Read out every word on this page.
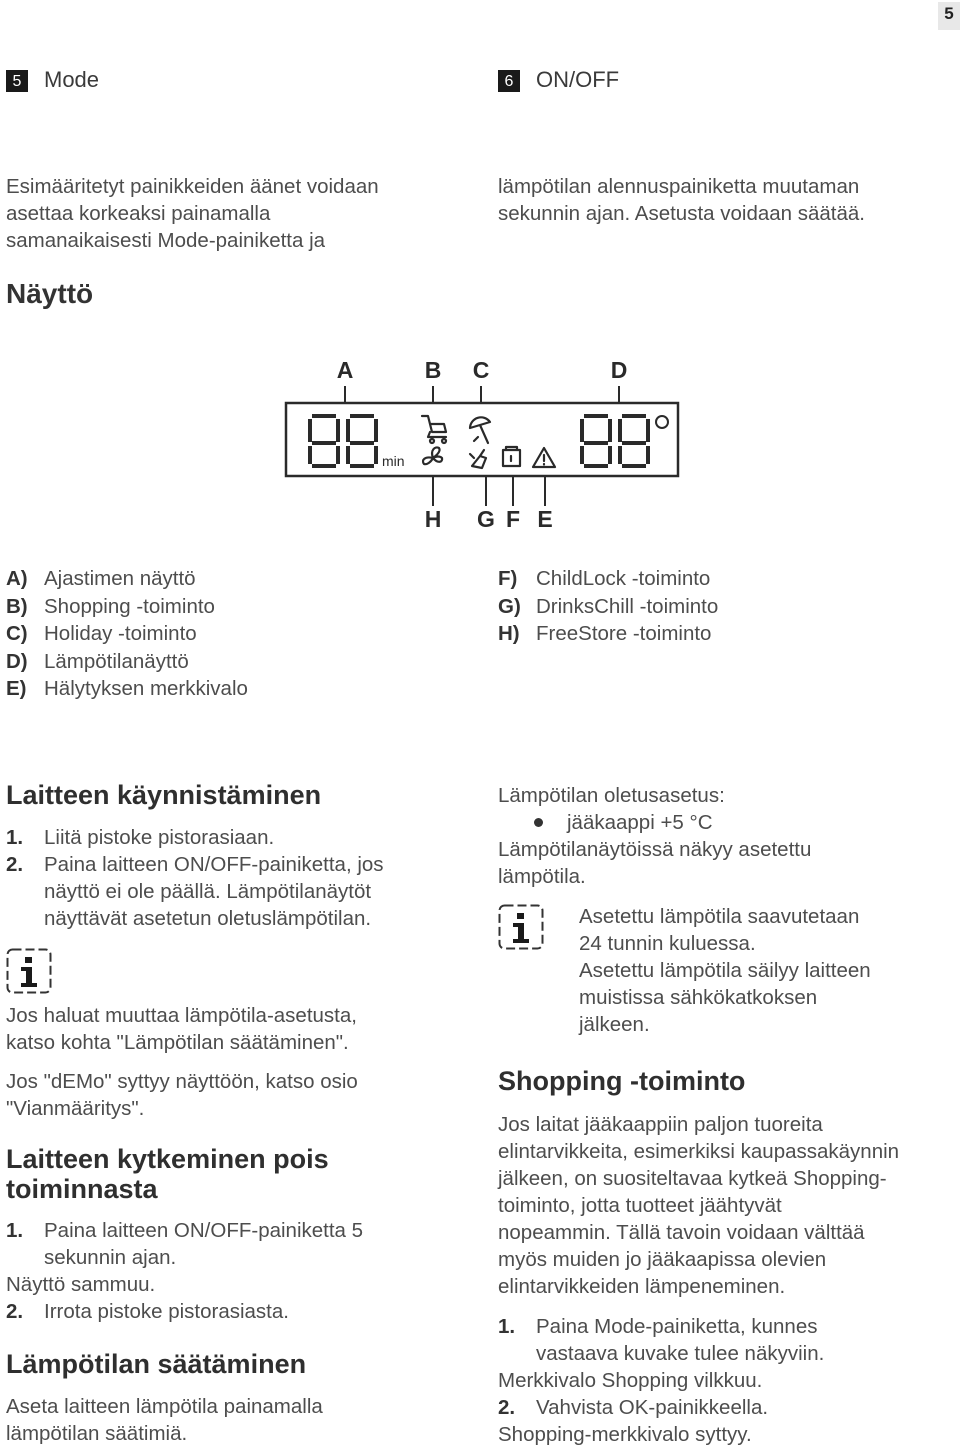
5
5 Mode
Esimääritetyt painikkeiden äänet voidaan
asettaa korkeaksi painamalla
samanaikaisesti Mode-painiketta ja
6 ON/OFF
lämpötilan alennuspainiketta muutaman
sekunnin ajan. Asetusta voidaan säätää.
Näyttö
A	B C	D
H G F E
min
A) Ajastimen näyttö
B) Shopping -toiminto
C) Holiday -toiminto
D) Lämpötilanäyttö
E) Hälytyksen merkkivalo
F) ChildLock -toiminto
G) DrinksChill -toiminto
H) FreeStore -toiminto
Laitteen käynnistäminen
1. Liitä pistoke pistorasiaan.
2. Paina laitteen ON/OFF-painiketta, jos
näyttö ei ole päällä. Lämpötilanäytöt
näyttävät asetetun oletuslämpötilan.
Jos haluat muuttaa lämpötila-asetusta,
katso kohta "Lämpötilan säätäminen".
Jos "dEMo" syttyy näyttöön, katso osio
"Vianmääritys".
Laitteen kytkeminen pois
toiminnasta
1. Paina laitteen ON/OFF-painiketta 5
sekunnin ajan.
Näyttö sammuu.
2. Irrota pistoke pistorasiasta.
Lämpötilan säätäminen
Aseta laitteen lämpötila painamalla
lämpötilan säätimiä.
Lämpötilan oletusasetus:
jääkaappi +5 °C
Lämpötilanäytöissä näkyy asetettu
lämpötila.
Asetettu lämpötila saavutetaan
24 tunnin kuluessa.
Asetettu lämpötila säilyy laitteen
muistissa sähkökatkoksen
jälkeen.
Shopping -toiminto
Jos laitat jääkaappiin paljon tuoreita
elintarvikkeita, esimerkiksi kaupassakäynnin
jälkeen, on suositeltavaa kytkeä Shopping-
toiminto, jotta tuotteet jäähtyvät
nopeammin. Tällä tavoin voidaan välttää
myös muiden jo jääkaapissa olevien
elintarvikkeiden lämpeneminen.
1. Paina Mode-painiketta, kunnes
vastaava kuvake tulee näkyviin.
Merkkivalo Shopping vilkkuu.
2. Vahvista OK-painikkeella.
Shopping-merkkivalo syttyy.
